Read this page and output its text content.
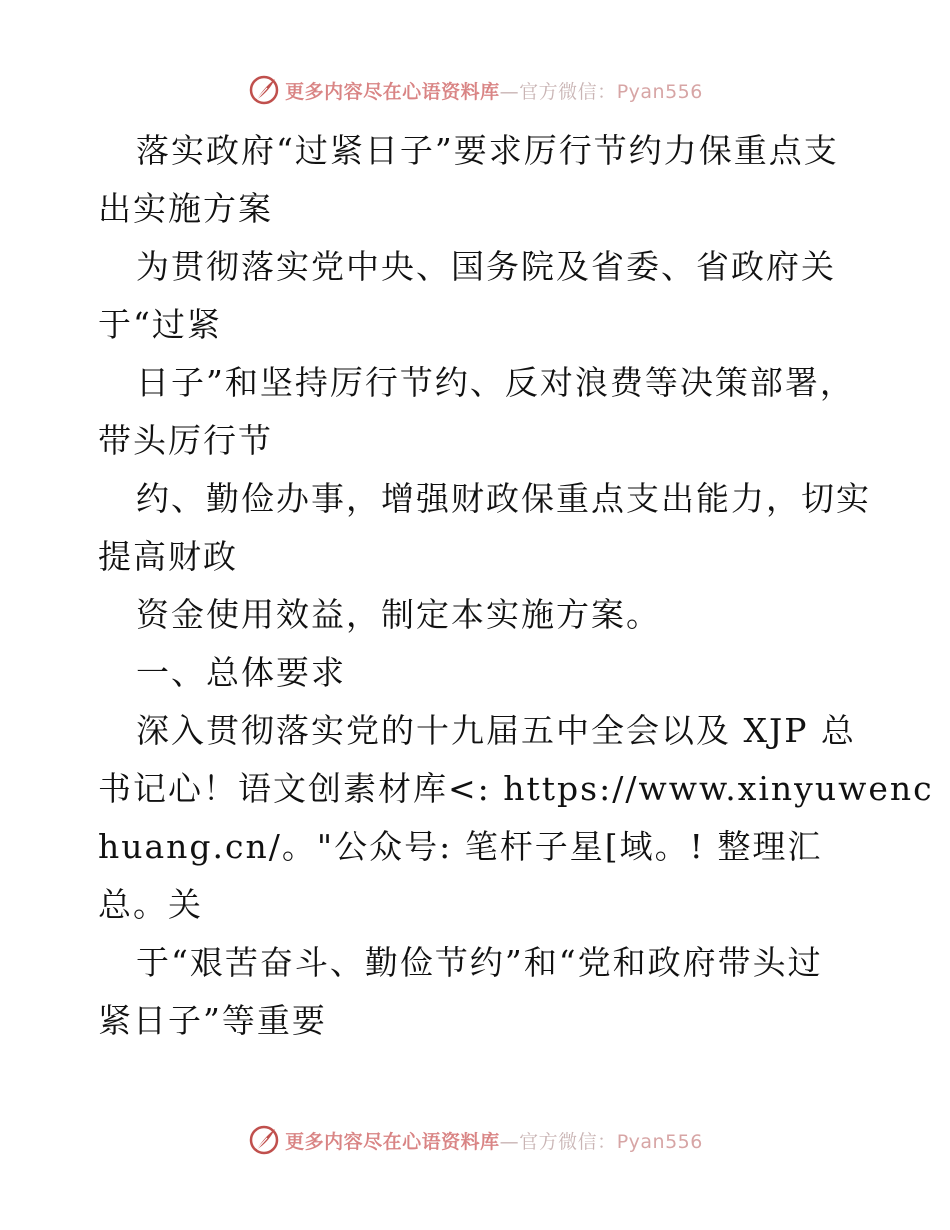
更多内容尽在心语资料库—官方微信：Pyan556
落实政府“过紧日子”要求厉行节约力保重点支
出实施方案
为贯彻落实党中央、国务院及省委、省政府关
于“过紧
日子”和坚持厉行节约、反对浪费等决策部署，
带头厉行节
约、勤俭办事，增强财政保重点支出能力，切实
提高财政
资金使用效益，制定本实施方案。
一、总体要求
深入贯彻落实党的十九届五中全会以及 XJP 总
书记心！语文创素材库<: https://www.xinyuwenc
huang.cn/。"公众号: 笔杆子星[域。! 整理汇
总。关
于“艰苦奋斗、勤俭节约”和“党和政府带头过
紧日子”等重要
更多内容尽在心语资料库—官方微信：Pyan556
